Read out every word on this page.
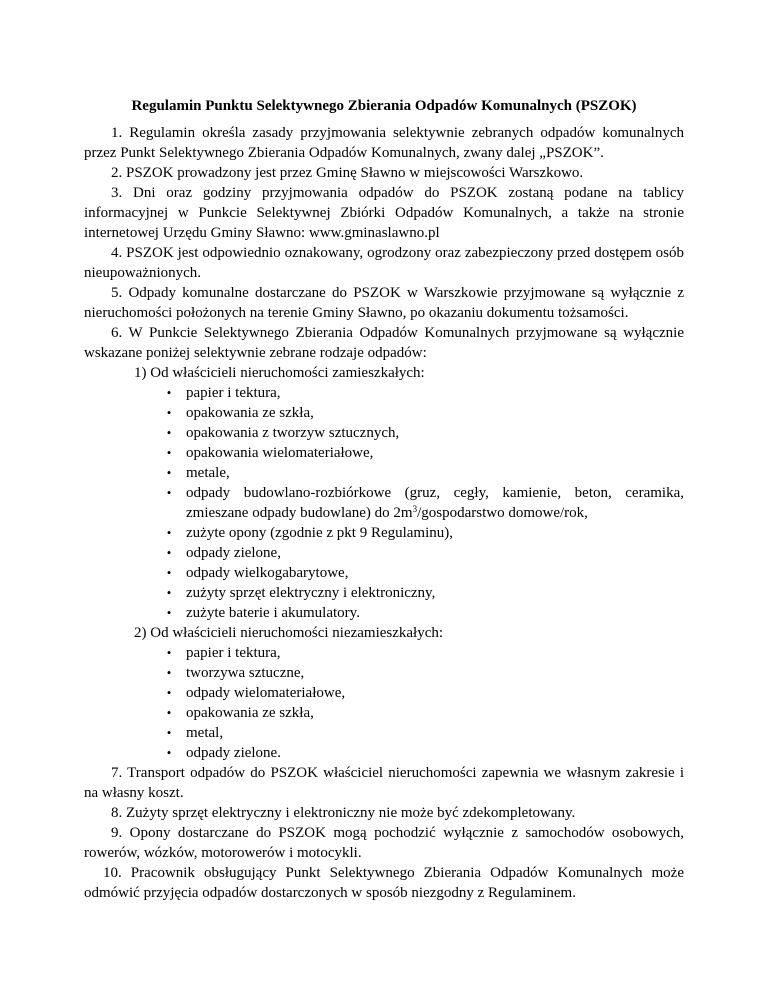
Regulamin Punktu Selektywnego Zbierania Odpadów Komunalnych (PSZOK)

1. Regulamin określa zasady przyjmowania selektywnie zebranych odpadów komunalnych przez Punkt Selektywnego Zbierania Odpadów Komunalnych, zwany dalej „PSZOK”.

2. PSZOK prowadzony jest przez Gminę Sławno w miejscowości Warszkowo.

3. Dni oraz godziny przyjmowania odpadów do PSZOK zostaną podane na tablicy informacyjnej w Punkcie Selektywnej Zbiórki Odpadów Komunalnych, a także na stronie internetowej Urzędu Gminy Sławno: www.gminaslawno.pl

4. PSZOK jest odpowiednio oznakowany, ogrodzony oraz zabezpieczony przed dostępem osób nieupoważnionych.

5. Odpady komunalne dostarczane do PSZOK w Warszkowie przyjmowane są wyłącznie z nieruchomości położonych na terenie Gminy Sławno, po okazaniu dokumentu tożsamości.

6. W Punkcie Selektywnego Zbierania Odpadów Komunalnych przyjmowane są wyłącznie wskazane poniżej selektywnie zebrane rodzaje odpadów:

1) Od właścicieli nieruchomości zamieszkałych:

• papier i tektura,
• opakowania ze szkła,
• opakowania z tworzyw sztucznych,
• opakowania wielomateriałowe,
• metale,
• odpady budowlano-rozbiórkowe (gruz, cegły, kamienie, beton, ceramika, zmieszane odpady budowlane) do $2m^3$/gospodarstwo domowe/rok,
• zużyte opony (zgodnie z pkt 9 Regulaminu),
• odpady zielone,
• odpady wielkogabarytowe,
• zużyty sprzęt elektryczny i elektroniczny,
• zużyte baterie i akumulatory.

2) Od właścicieli nieruchomości niezamieszkałych:

• papier i tektura,
• tworzywa sztuczne,
• odpady wielomateriałowe,
• opakowania ze szkła,
• metal,
• odpady zielone.

7. Transport odpadów do PSZOK właściciel nieruchomości zapewnia we własnym zakresie i na własny koszt.

8. Zużyty sprzęt elektryczny i elektroniczny nie może być zdekompletowany.

9. Opony dostarczane do PSZOK mogą pochodzić wyłącznie z samochodów osobowych, rowerów, wózków, motorowerów i motocykli.

10. Pracownik obsługujący Punkt Selektywnego Zbierania Odpadów Komunalnych może odmówić przyjęcia odpadów dostarczonych w sposób niezgodny z Regulaminem.
